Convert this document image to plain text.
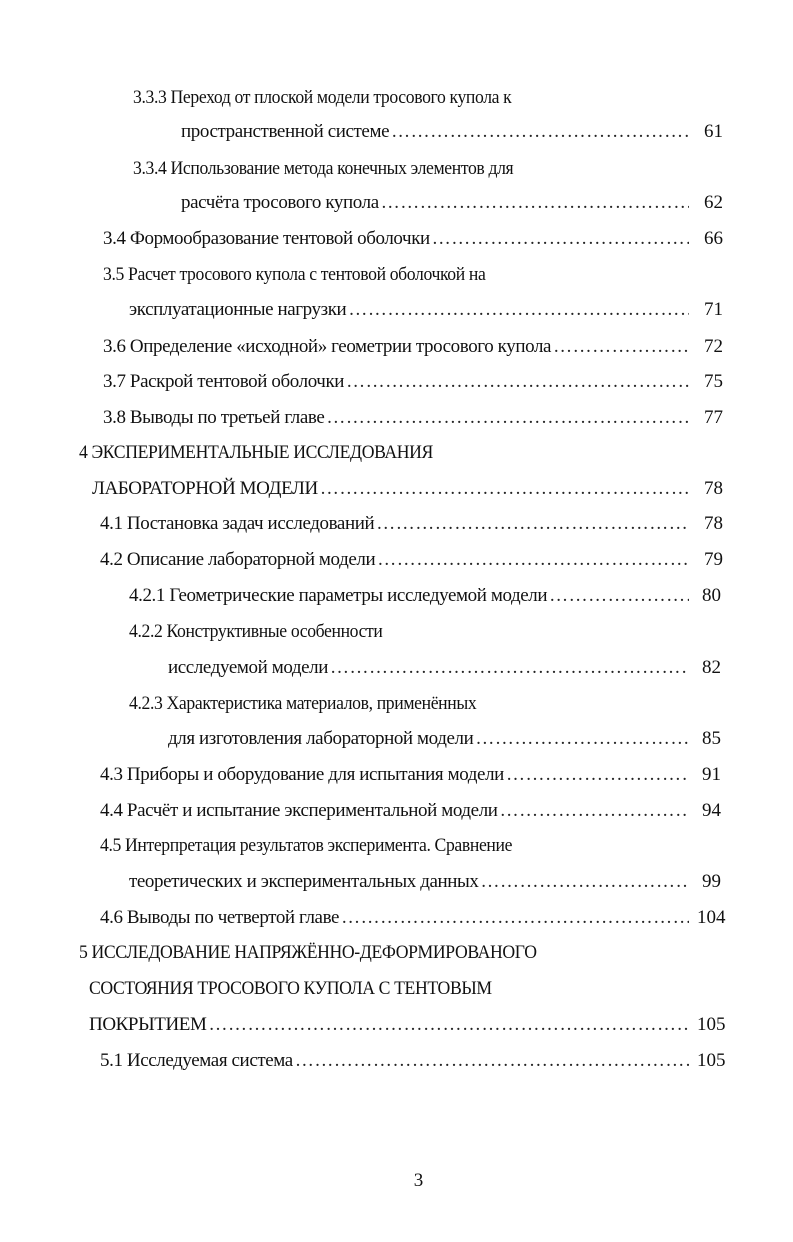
3.3.3 Переход от плоской модели тросового купола к
пространственной системе ………………………………………………………………………………………………………………………………………………………………	61
3.3.4 Использование метода конечных элементов для
расчёта тросового купола ………………………………………………………………………………………………………………………………………………………………	62
3.4 Формообразование тентовой оболочки ………………………………………………………………………………………………………………………………………………………………	66
3.5 Расчет тросового купола с тентовой оболочкой на
эксплуатационные нагрузки ………………………………………………………………………………………………………………………………………………………………	71
3.6 Определение «исходной» геометрии тросового купола ………………………………………………………………………………………………………………………………………………………………	72
3.7 Раскрой тентовой оболочки ………………………………………………………………………………………………………………………………………………………………	75
3.8 Выводы по третьей главе ………………………………………………………………………………………………………………………………………………………………	77
4 ЭКСПЕРИМЕНТАЛЬНЫЕ ИССЛЕДОВАНИЯ
ЛАБОРАТОРНОЙ МОДЕЛИ ………………………………………………………………………………………………………………………………………………………………	78
4.1 Постановка задач исследований ………………………………………………………………………………………………………………………………………………………………	78
4.2 Описание лабораторной модели ………………………………………………………………………………………………………………………………………………………………	79
4.2.1 Геометрические параметры исследуемой модели ………………………………………………………………………………………………………………………………………………………………	80
4.2.2 Конструктивные особенности
исследуемой модели ………………………………………………………………………………………………………………………………………………………………	82
4.2.3 Характеристика материалов, применённых
для изготовления лабораторной модели ………………………………………………………………………………………………………………………………………………………………	85
4.3 Приборы и оборудование для испытания модели ………………………………………………………………………………………………………………………………………………………………	91
4.4 Расчёт и испытание экспериментальной модели ………………………………………………………………………………………………………………………………………………………………	94
4.5 Интерпретация результатов эксперимента. Сравнение
теоретических и экспериментальных данных ………………………………………………………………………………………………………………………………………………………………	99
4.6 Выводы по четвертой главе ………………………………………………………………………………………………………………………………………………………………	104
5 ИССЛЕДОВАНИЕ НАПРЯЖЁННО-ДЕФОРМИРОВАНОГО
СОСТОЯНИЯ ТРОСОВОГО КУПОЛА С ТЕНТОВЫМ
ПОКРЫТИЕМ ………………………………………………………………………………………………………………………………………………………………	105
5.1 Исследуемая система ………………………………………………………………………………………………………………………………………………………………	105
3
